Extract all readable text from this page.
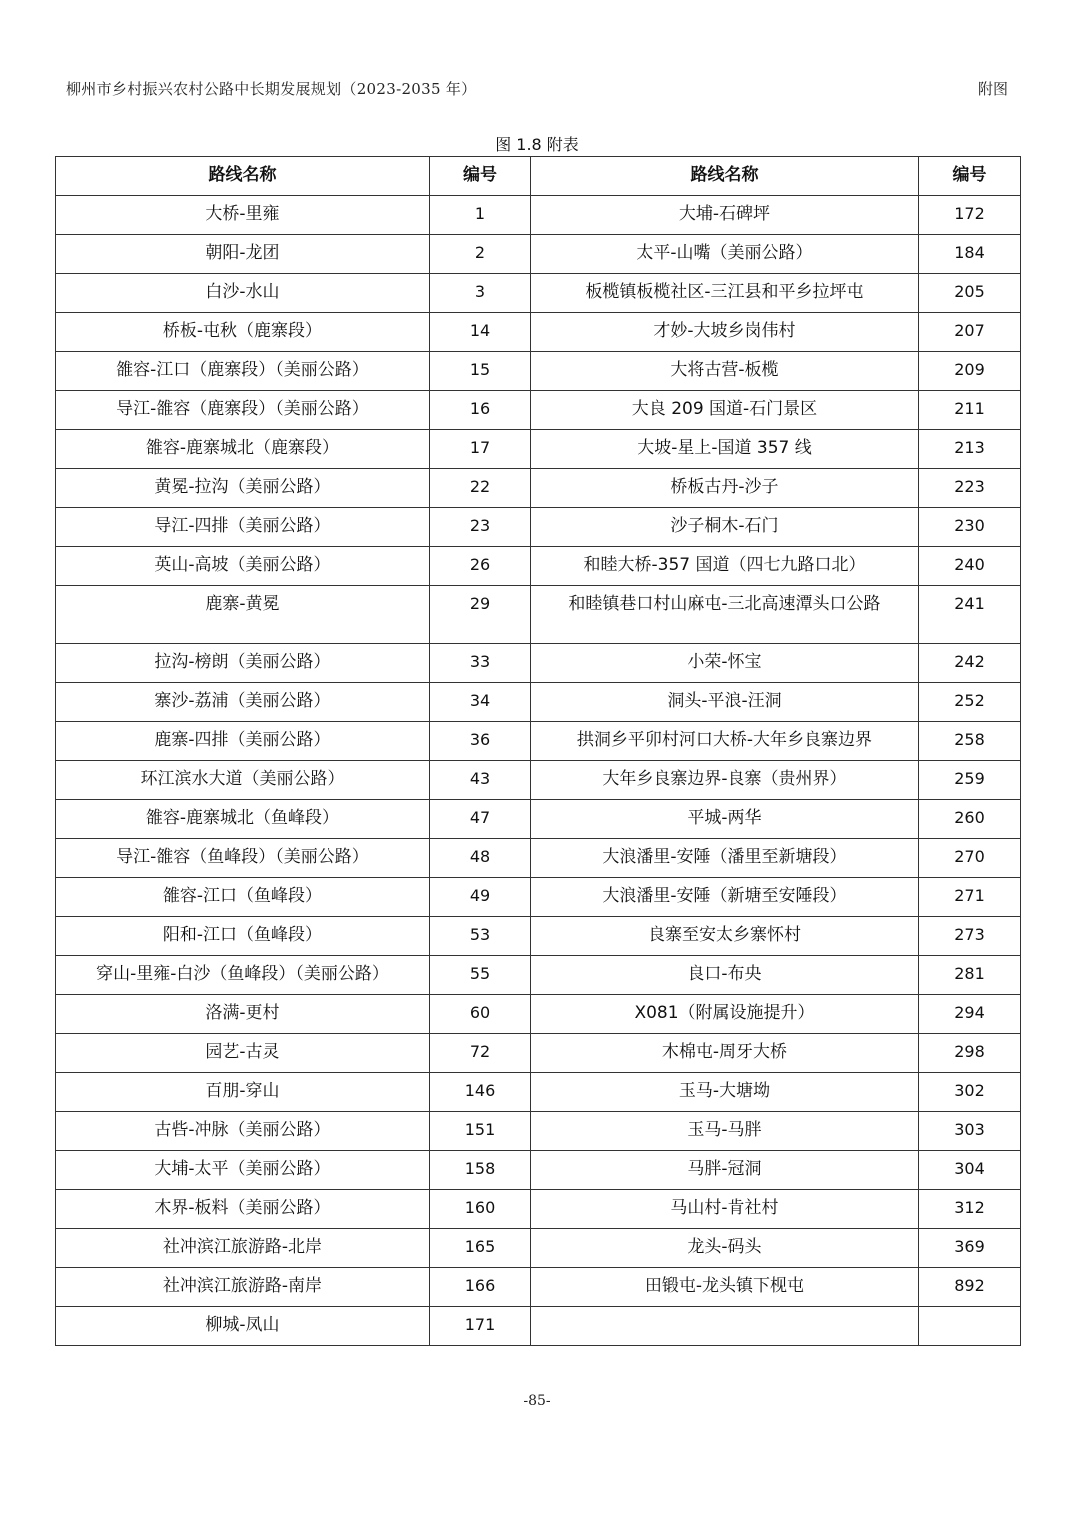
柳州市乡村振兴农村公路中长期发展规划（2023-2035 年）	附图
图 1.8 附表
路线名称	编号	路线名称	编号
大桥-里雍	1	大埔-石碑坪	172
朝阳-龙团	2	太平-山嘴（美丽公路）	184
白沙-水山	3	板榄镇板榄社区-三江县和平乡拉坪屯	205
桥板-屯秋（鹿寨段）	14	才妙-大坡乡岗伟村	207
雒容-江口（鹿寨段）（美丽公路）	15	大将古营-板榄	209
导江-雒容（鹿寨段）（美丽公路）	16	大良 209 国道-石门景区	211
雒容-鹿寨城北（鹿寨段）	17	大坡-星上-国道 357 线	213
黄冕-拉沟（美丽公路）	22	桥板古丹-沙子	223
导江-四排（美丽公路）	23	沙子桐木-石门	230
英山-高坡（美丽公路）	26	和睦大桥-357 国道（四七九路口北）	240
鹿寨-黄冕	29	和睦镇巷口村山麻屯-三北高速潭头口公路	241
拉沟-榜朗（美丽公路）	33	小荣-怀宝	242
寨沙-荔浦（美丽公路）	34	洞头-平浪-汪洞	252
鹿寨-四排（美丽公路）	36	拱洞乡平卯村河口大桥-大年乡良寨边界	258
环江滨水大道（美丽公路）	43	大年乡良寨边界-良寨（贵州界）	259
雒容-鹿寨城北（鱼峰段）	47	平城-两华	260
导江-雒容（鱼峰段）（美丽公路）	48	大浪潘里-安陲（潘里至新塘段）	270
雒容-江口（鱼峰段）	49	大浪潘里-安陲（新塘至安陲段）	271
阳和-江口（鱼峰段）	53	良寨至安太乡寨怀村	273
穿山-里雍-白沙（鱼峰段）（美丽公路）	55	良口-布央	281
洛满-更村	60	X081（附属设施提升）	294
园艺-古灵	72	木棉屯-周牙大桥	298
百朋-穿山	146	玉马-大塘坳	302
古呰-冲脉（美丽公路）	151	玉马-马胖	303
大埔-太平（美丽公路）	158	马胖-冠洞	304
木界-板料（美丽公路）	160	马山村-肯社村	312
社冲滨江旅游路-北岸	165	龙头-码头	369
社冲滨江旅游路-南岸	166	田锻屯-龙头镇下枧屯	892
柳城-凤山	171		
-85-
